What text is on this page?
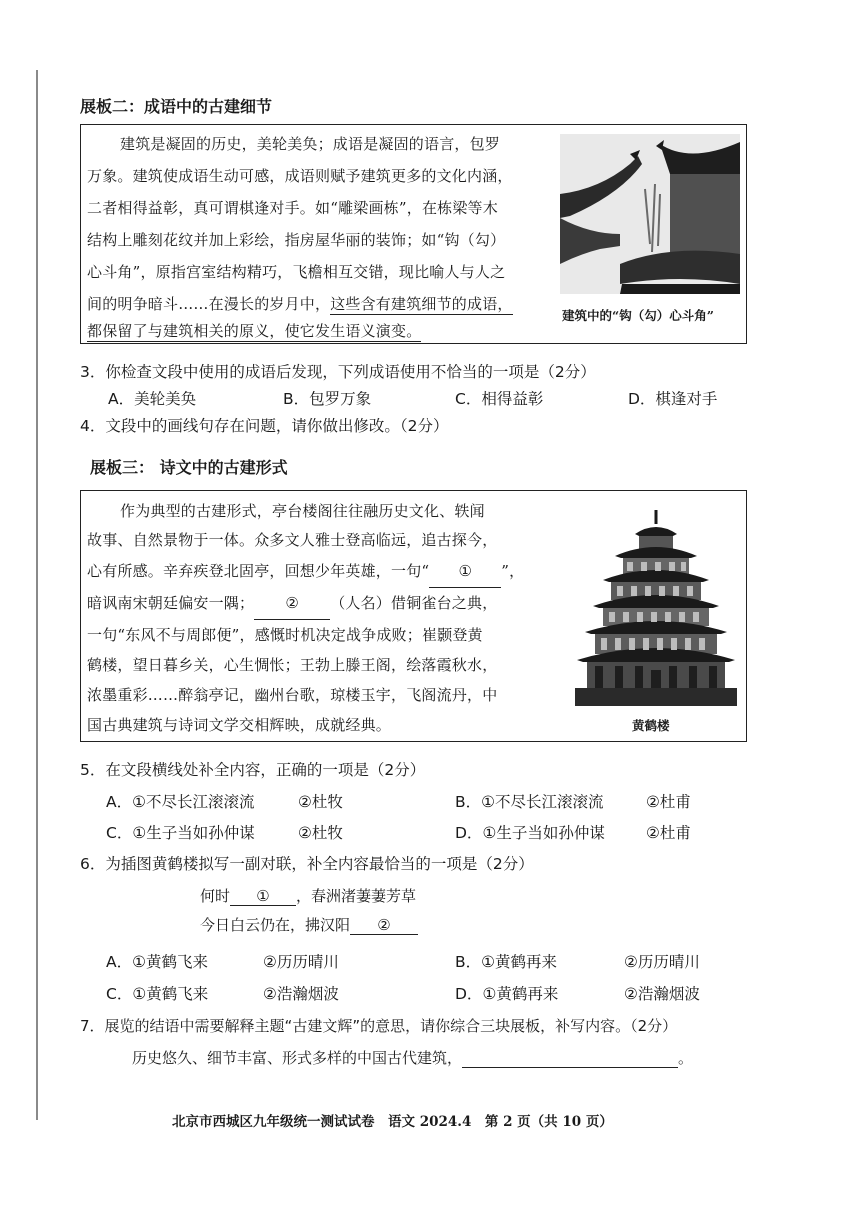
展板二：成语中的古建细节
建筑是凝固的历史，美轮美奂；成语是凝固的语言，包罗
万象。建筑使成语生动可感，成语则赋予建筑更多的文化内涵，
二者相得益彰，真可谓棋逢对手。如“雕梁画栋”，在栋梁等木
结构上雕刻花纹并加上彩绘，指房屋华丽的装饰；如“钩（勾）
心斗角”，原指宫室结构精巧，飞檐相互交错，现比喻人与人之
间的明争暗斗……在漫长的岁月中，这些含有建筑细节的成语，
都保留了与建筑相关的原义，使它发生语义演变。
建筑中的“钩（勾）心斗角”
3．你检查文段中使用的成语后发现，下列成语使用不恰当的一项是（2分）
A．美轮美奂	B．包罗万象	C．相得益彰	D．棋逢对手
4．文段中的画线句存在问题，请你做出修改。（2分）
展板三： 诗文中的古建形式
作为典型的古建形式，亭台楼阁往往融历史文化、轶闻
故事、自然景物于一体。众多文人雅士登高临远，追古探今，
心有所感。辛弃疾登北固亭，回想少年英雄，一句“ ① ”，
暗讽南宋朝廷偏安一隅； ② （人名）借铜雀台之典，
一句“东风不与周郎便”，感慨时机决定战争成败；崔颢登黄
鹤楼，望日暮乡关，心生惆怅；王勃上滕王阁，绘落霞秋水，
浓墨重彩……醉翁亭记，幽州台歌，琼楼玉宇，飞阁流丹，中
国古典建筑与诗词文学交相辉映，成就经典。	黄鹤楼
5．在文段横线处补全内容，正确的一项是（2分）
A．①不尽长江滚滚流	②杜牧	B．①不尽长江滚滚流	②杜甫
C．①生子当如孙仲谋	②杜牧	D．①生子当如孙仲谋	②杜甫
6．为插图黄鹤楼拟写一副对联，补全内容最恰当的一项是（2分）
何时 ① ，春洲渚萋萋芳草
今日白云仍在，拂汉阳 ②
A．①黄鹤飞来	②历历晴川	B．①黄鹤再来	②历历晴川
C．①黄鹤飞来	②浩瀚烟波	D．①黄鹤再来	②浩瀚烟波
7．展览的结语中需要解释主题“古建文辉”的意思，请你综合三块展板，补写内容。（2分）
历史悠久、细节丰富、形式多样的中国古代建筑，	。
北京市西城区九年级统一测试试卷　语文 2024.4　第 2 页（共 10 页）
